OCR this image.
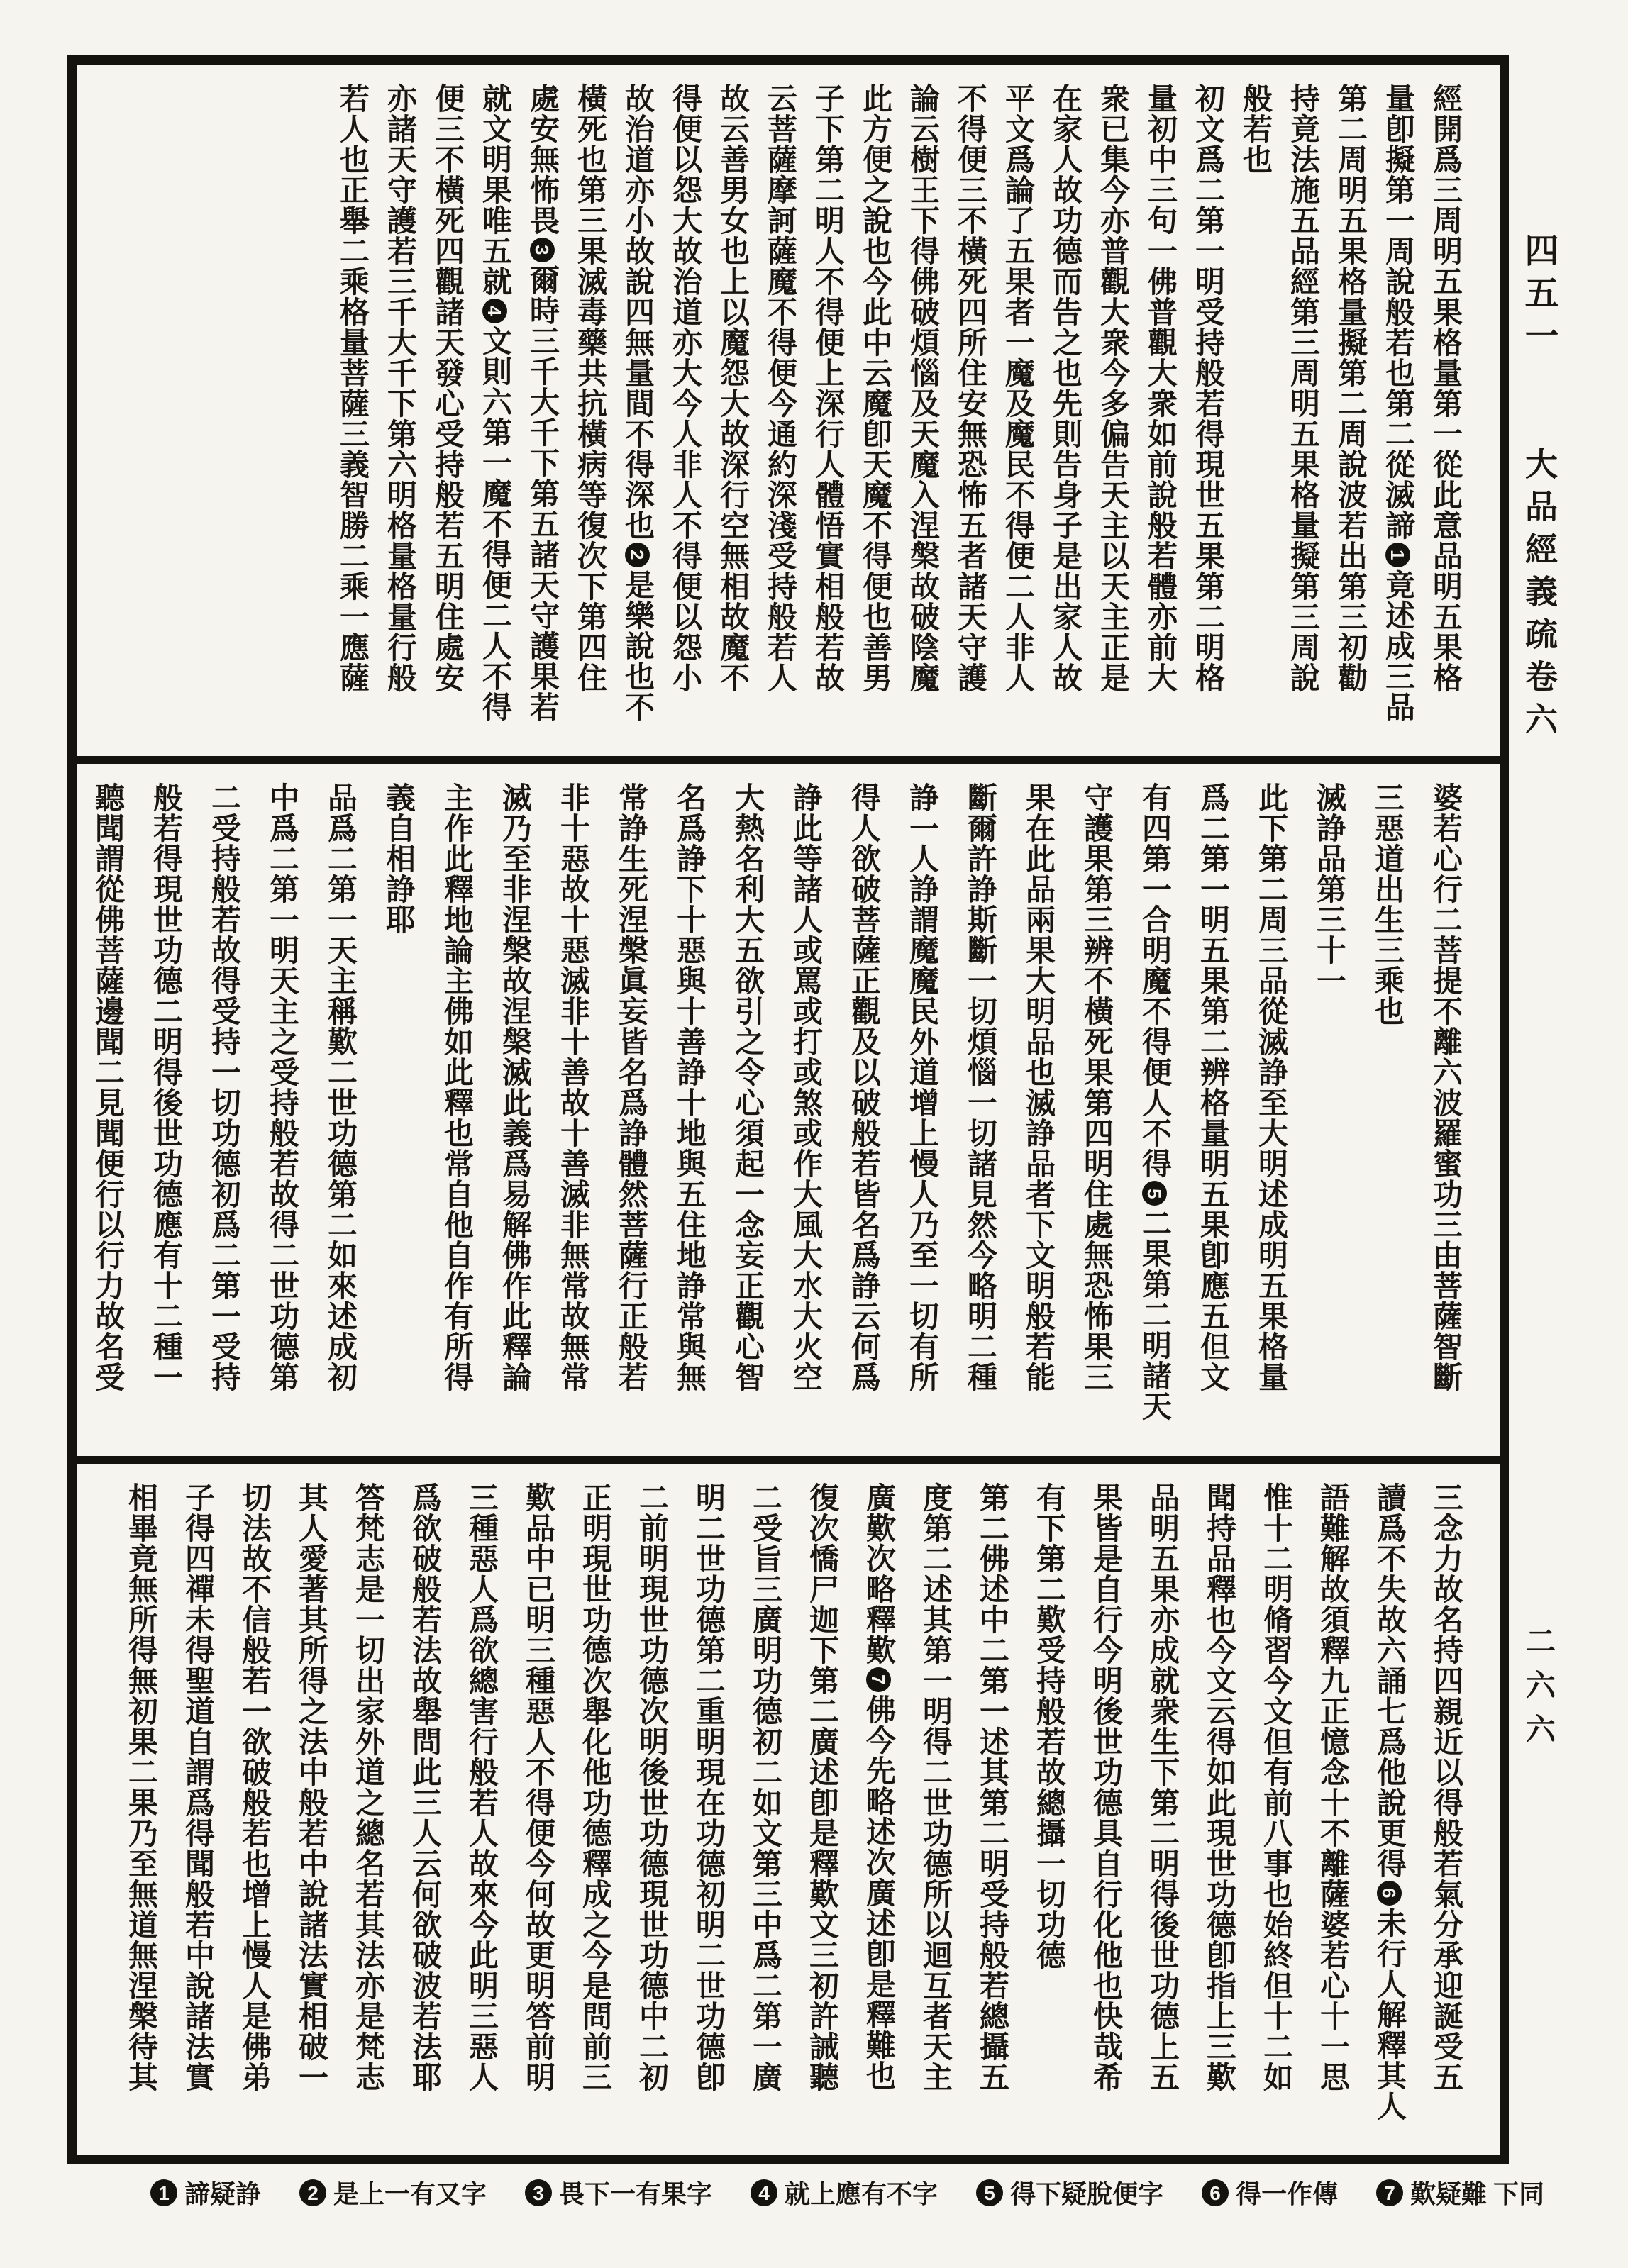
經開爲三周明五果格量第一從此意品明五果格
量卽擬第一周說般若也第二從滅諦1竟述成三品
第二周明五果格量擬第二周說波若出第三初勸
持竟法施五品經第三周明五果格量擬第三周說
般若也
初文爲二第一明受持般若得現世五果第二明格
量初中三句一佛普觀大衆如前說般若體亦前大
衆已集今亦普觀大衆今多偏告天主以天主正是
在家人故功德而告之也先則告身子是出家人故
平文爲論了五果者一魔及魔民不得便二人非人
不得便三不橫死四所住安無恐怖五者諸天守護
論云樹王下得佛破煩惱及天魔入涅槃故破陰魔
此方便之說也今此中云魔卽天魔不得便也善男
子下第二明人不得便上深行人體悟實相般若故
云菩薩摩訶薩魔不得便今通約深淺受持般若人
故云善男女也上以魔怨大故深行空無相故魔不
得便以怨大故治道亦大今人非人不得便以怨小
故治道亦小故說四無量間不得深也2是樂說也不
橫死也第三果滅毒藥共抗橫病等復次下第四住
處安無怖畏3爾時三千大千下第五諸天守護果若
就文明果唯五就4文則六第一魔不得便二人不得
便三不橫死四觀諸天發心受持般若五明住處安
亦諸天守護若三千大千下第六明格量格量行般
若人也正舉二乘格量菩薩三義智勝二乘一應薩
婆若心行二菩提不離六波羅蜜功三由菩薩智斷
三惡道出生三乘也
滅諍品第三十一
此下第二周三品從滅諍至大明述成明五果格量
爲二第一明五果第二辨格量明五果卽應五但文
有四第一合明魔不得便人不得5二果第二明諸天
守護果第三辨不橫死果第四明住處無恐怖果三
果在此品兩果大明品也滅諍品者下文明般若能
斷爾許諍斯斷一切煩惱一切諸見然今略明二種
諍一人諍謂魔魔民外道增上慢人乃至一切有所
得人欲破菩薩正觀及以破般若皆名爲諍云何爲
諍此等諸人或罵或打或煞或作大風大水大火空
大熱名利大五欲引之令心須起一念妄正觀心智
名爲諍下十惡與十善諍十地與五住地諍常與無
常諍生死涅槃眞妄皆名爲諍體然菩薩行正般若
非十惡故十惡滅非十善故十善滅非無常故無常
滅乃至非涅槃故涅槃滅此義爲易解佛作此釋論
主作此釋地論主佛如此釋也常自他自作有所得
義自相諍耶
品爲二第一天主稱歎二世功德第二如來述成初
中爲二第一明天主之受持般若故得二世功德第
二受持般若故得受持一切功德初爲二第一受持
般若得現世功德二明得後世功德應有十二種一
聽聞謂從佛菩薩邊聞二見聞便行以行力故名受
三念力故名持四親近以得般若氣分承迎誕受五
讀爲不失故六誦七爲他說更得6未行人解釋其人
語難解故須釋九正憶念十不離薩婆若心十一思
惟十二明脩習今文但有前八事也始終但十二如
聞持品釋也今文云得如此現世功德卽指上三歎
品明五果亦成就衆生下第二明得後世功德上五
果皆是自行今明後世功德具自行化他也快哉希
有下第二歎受持般若故總攝一切功德
第二佛述中二第一述其第二明受持般若總攝五
度第二述其第一明得二世功德所以迴互者天主
廣歎次略釋歎7佛今先略述次廣述卽是釋難也
復次憍尸迦下第二廣述卽是釋歎文三初許誡聽
二受旨三廣明功德初二如文第三中爲二第一廣
明二世功德第二重明現在功德初明二世功德卽
二前明現世功德次明後世功德現世功德中二初
正明現世功德次舉化他功德釋成之今是問前三
歎品中已明三種惡人不得便今何故更明答前明
三種惡人爲欲總害行般若人故來今此明三惡人
爲欲破般若法故舉問此三人云何欲破波若法耶
答梵志是一切出家外道之總名若其法亦是梵志
其人愛著其所得之法中般若中說諸法實相破一
切法故不信般若一欲破般若也增上慢人是佛弟
子得四禪未得聖道自謂爲得聞般若中說諸法實
相畢竟無所得無初果二果乃至無道無涅槃待其
四五一
大品經義疏卷六
二六六
1 諦疑諍	2 是上一有又字	3 畏下一有果字	4 就上應有不字	5 得下疑脫便字	6 得一作傳	7 歎疑難 下同
